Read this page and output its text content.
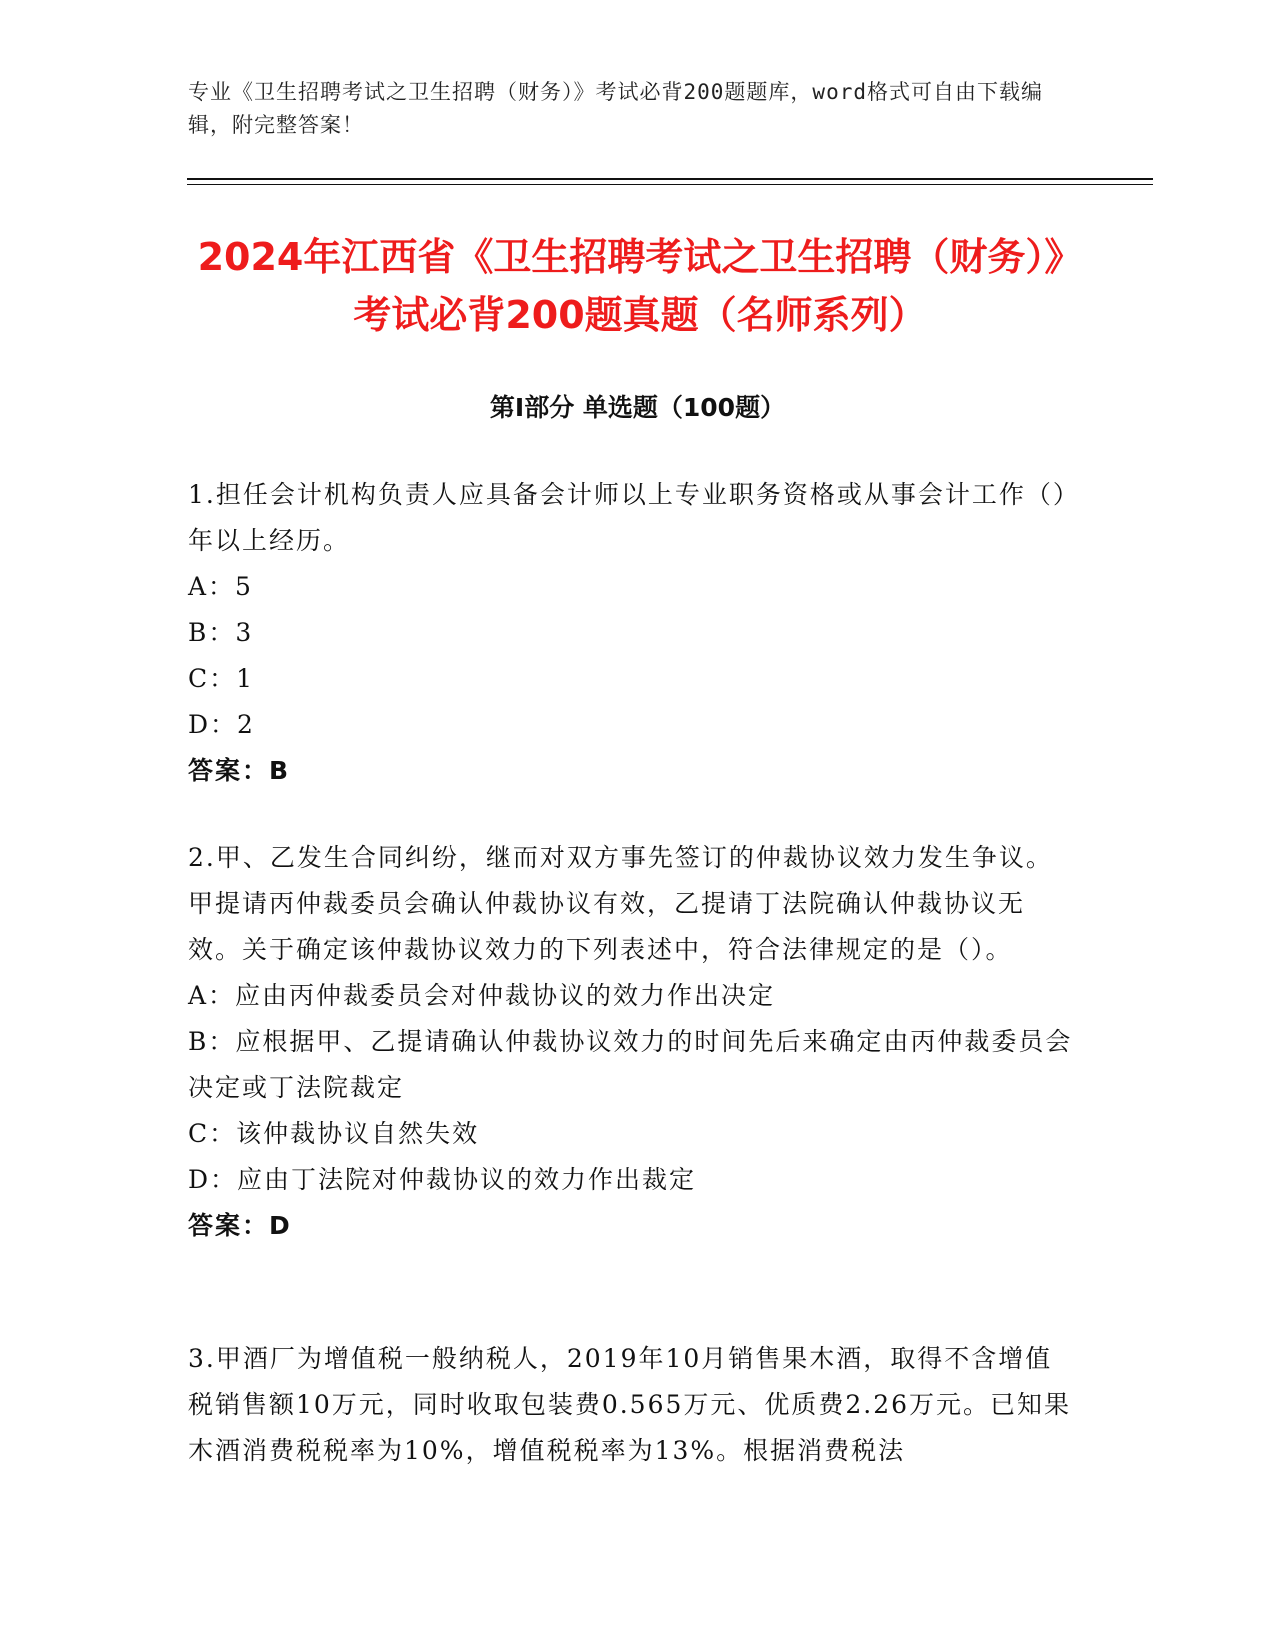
专业《卫生招聘考试之卫生招聘（财务）》考试必背200题题库，word格式可自由下载编辑，附完整答案！
2024年江西省《卫生招聘考试之卫生招聘（财务）》考试必背200题真题（名师系列）
第Ⅰ部分 单选题（100题）

1.担任会计机构负责人应具备会计师以上专业职务资格或从事会计工作（）年以上经历。

A：5

B：3

C：1

D：2

答案：B

2.甲、乙发生合同纠纷，继而对双方事先签订的仲裁协议效力发生争议。甲提请丙仲裁委员会确认仲裁协议有效，乙提请丁法院确认仲裁协议无效。关于确定该仲裁协议效力的下列表述中，符合法律规定的是（）。

A：应由丙仲裁委员会对仲裁协议的效力作出决定

B：应根据甲、乙提请确认仲裁协议效力的时间先后来确定由丙仲裁委员会决定或丁法院裁定

C：该仲裁协议自然失效

D：应由丁法院对仲裁协议的效力作出裁定

答案：D

3.甲酒厂为增值税一般纳税人，2019年10月销售果木酒，取得不含增值税销售额10万元，同时收取包装费0.565万元、优质费2.26万元。已知果木酒消费税税率为10%，增值税税率为13%。根据消费税法
